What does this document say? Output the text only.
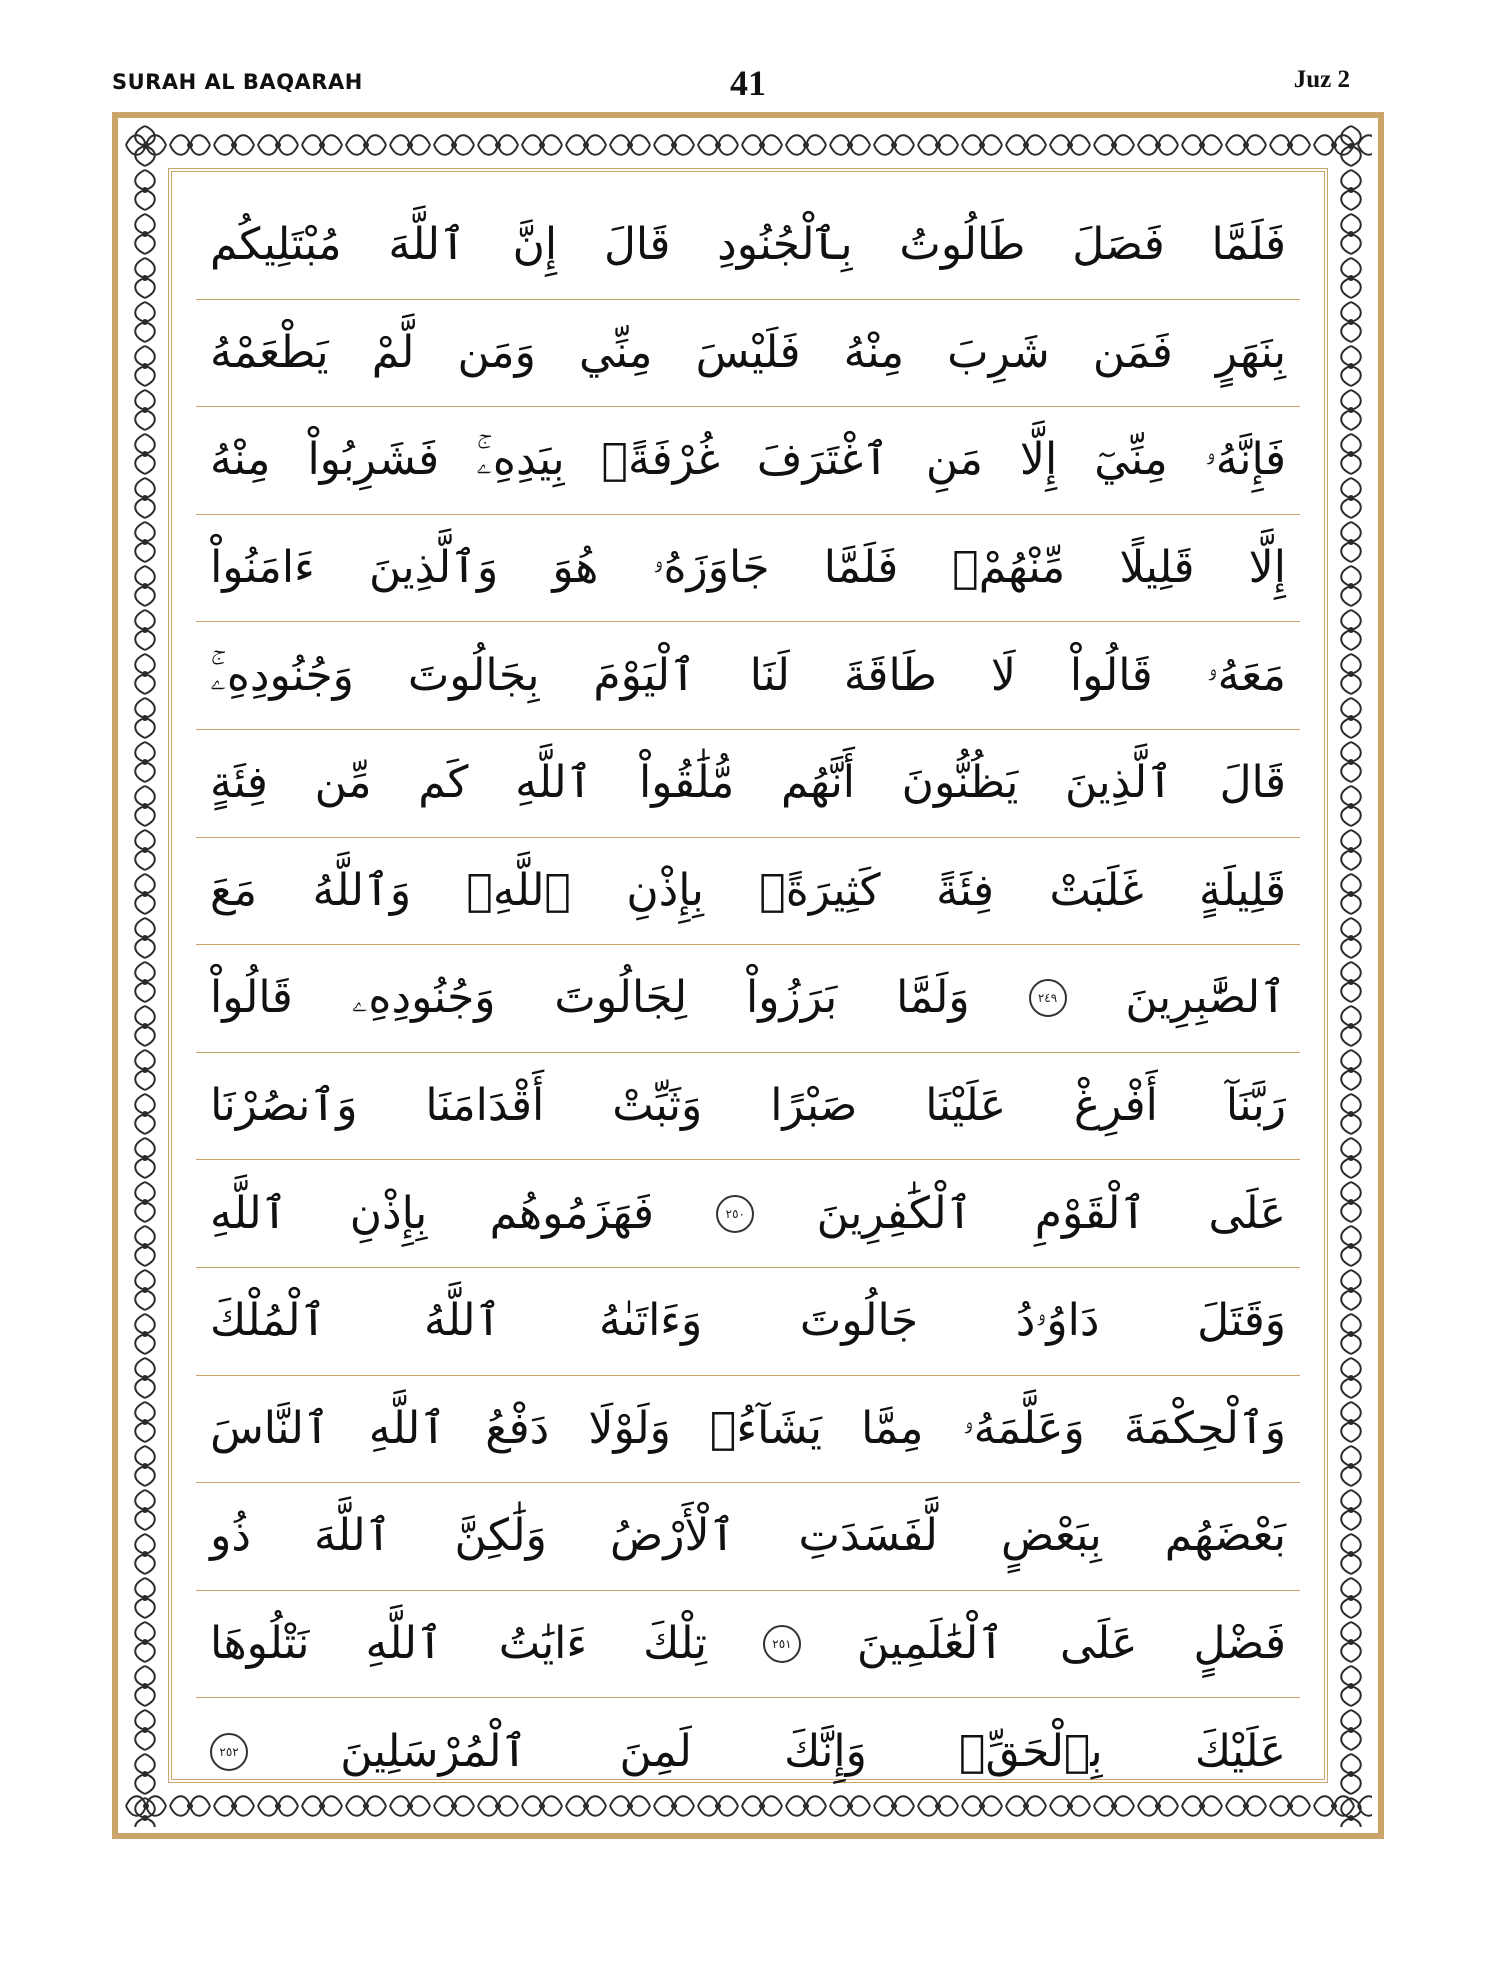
SURAH AL BAQARAH	41	Juz 2
فَلَمَّا
فَصَلَ
طَالُوتُ
بِٱلْجُنُودِ
قَالَ
إِنَّ
ٱللَّهَ
مُبْتَلِيكُم
بِنَهَرٍ
فَمَن
شَرِبَ
مِنْهُ
فَلَيْسَ
مِنِّي
وَمَن
لَّمْ
يَطْعَمْهُ
فَإِنَّهُۥ
مِنِّيٓ
إِلَّا
مَنِ
ٱغْتَرَفَ
غُرْفَةًۢ
بِيَدِهِۦۚ
فَشَرِبُواْ
مِنْهُ
إِلَّا
قَلِيلًا
مِّنْهُمْۚ
فَلَمَّا
جَاوَزَهُۥ
هُوَ
وَٱلَّذِينَ
ءَامَنُواْ
مَعَهُۥ
قَالُواْ
لَا
طَاقَةَ
لَنَا
ٱلْيَوْمَ
بِجَالُوتَ
وَجُنُودِهِۦۚ
قَالَ
ٱلَّذِينَ
يَظُنُّونَ
أَنَّهُم
مُّلَٰقُواْ
ٱللَّهِ
كَم
مِّن
فِئَةٍ
قَلِيلَةٍ
غَلَبَتْ
فِئَةً
كَثِيرَةًۢ
بِإِذْنِ
ٱللَّهِۗ
وَٱللَّهُ
مَعَ
ٱلصَّٰبِرِينَ
٢٤٩
وَلَمَّا
بَرَزُواْ
لِجَالُوتَ
وَجُنُودِهِۦ
قَالُواْ
رَبَّنَآ
أَفْرِغْ
عَلَيْنَا
صَبْرًا
وَثَبِّتْ
أَقْدَامَنَا
وَٱنصُرْنَا
عَلَى
ٱلْقَوْمِ
ٱلْكَٰفِرِينَ
٢٥٠
فَهَزَمُوهُم
بِإِذْنِ
ٱللَّهِ
وَقَتَلَ
دَاوُۥدُ
جَالُوتَ
وَءَاتَىٰهُ
ٱللَّهُ
ٱلْمُلْكَ
وَٱلْحِكْمَةَ
وَعَلَّمَهُۥ
مِمَّا
يَشَآءُۗ
وَلَوْلَا
دَفْعُ
ٱللَّهِ
ٱلنَّاسَ
بَعْضَهُم
بِبَعْضٍ
لَّفَسَدَتِ
ٱلْأَرْضُ
وَلَٰكِنَّ
ٱللَّهَ
ذُو
فَضْلٍ
عَلَى
ٱلْعَٰلَمِينَ
٢٥١
تِلْكَ
ءَايَٰتُ
ٱللَّهِ
نَتْلُوهَا
عَلَيْكَ
بِٱلْحَقِّۚ
وَإِنَّكَ
لَمِنَ
ٱلْمُرْسَلِينَ
٢٥٢
